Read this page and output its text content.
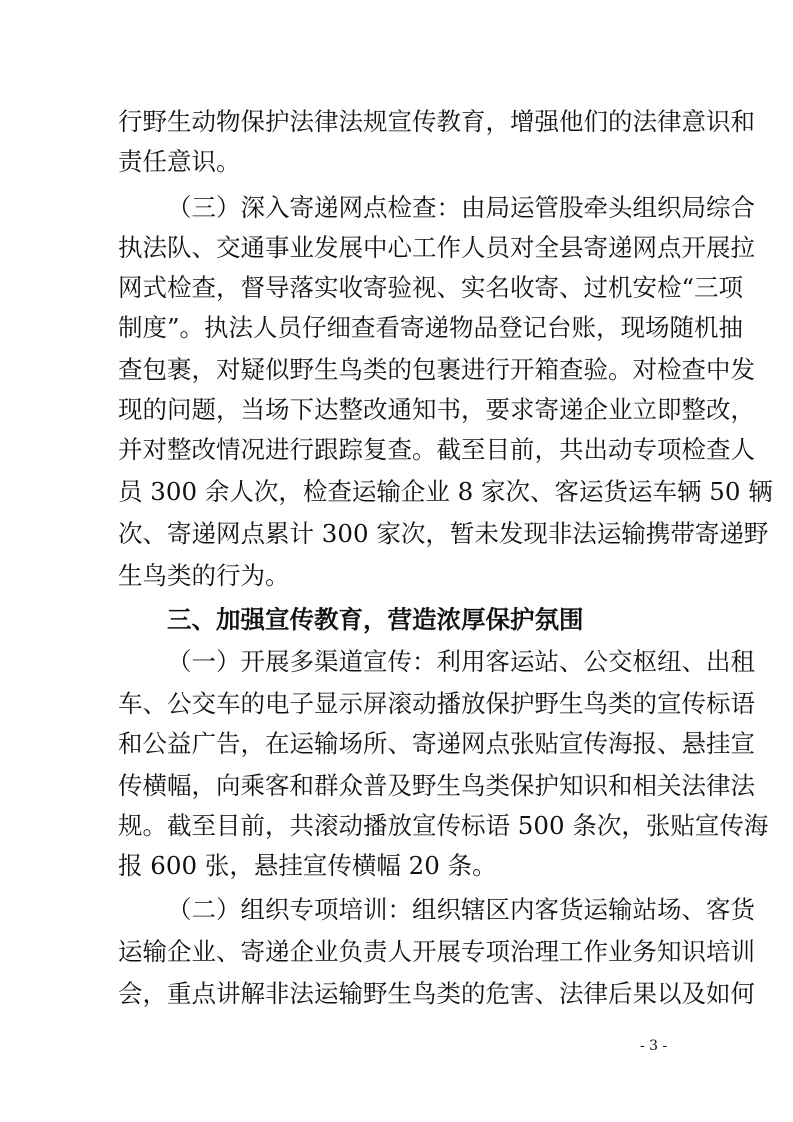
行野生动物保护法律法规宣传教育，增强他们的法律意识和

责任意识。

（三）深入寄递网点检查：由局运管股牵头组织局综合

执法队、交通事业发展中心工作人员对全县寄递网点开展拉

网式检查，督导落实收寄验视、实名收寄、过机安检“三项

制度”。执法人员仔细查看寄递物品登记台账，现场随机抽

查包裹，对疑似野生鸟类的包裹进行开箱查验。对检查中发

现的问题，当场下达整改通知书，要求寄递企业立即整改，

并对整改情况进行跟踪复查。截至目前，共出动专项检查人

员 300 余人次，检查运输企业 8 家次、客运货运车辆 50 辆

次、寄递网点累计 300 家次，暂未发现非法运输携带寄递野

生鸟类的行为。

三、加强宣传教育，营造浓厚保护氛围

（一）开展多渠道宣传：利用客运站、公交枢纽、出租

车、公交车的电子显示屏滚动播放保护野生鸟类的宣传标语

和公益广告，在运输场所、寄递网点张贴宣传海报、悬挂宣

传横幅，向乘客和群众普及野生鸟类保护知识和相关法律法

规。截至目前，共滚动播放宣传标语 500 条次，张贴宣传海

报 600 张，悬挂宣传横幅 20 条。

（二）组织专项培训：组织辖区内客货运输站场、客货

运输企业、寄递企业负责人开展专项治理工作业务知识培训

会，重点讲解非法运输野生鸟类的危害、法律后果以及如何

- 3 -
